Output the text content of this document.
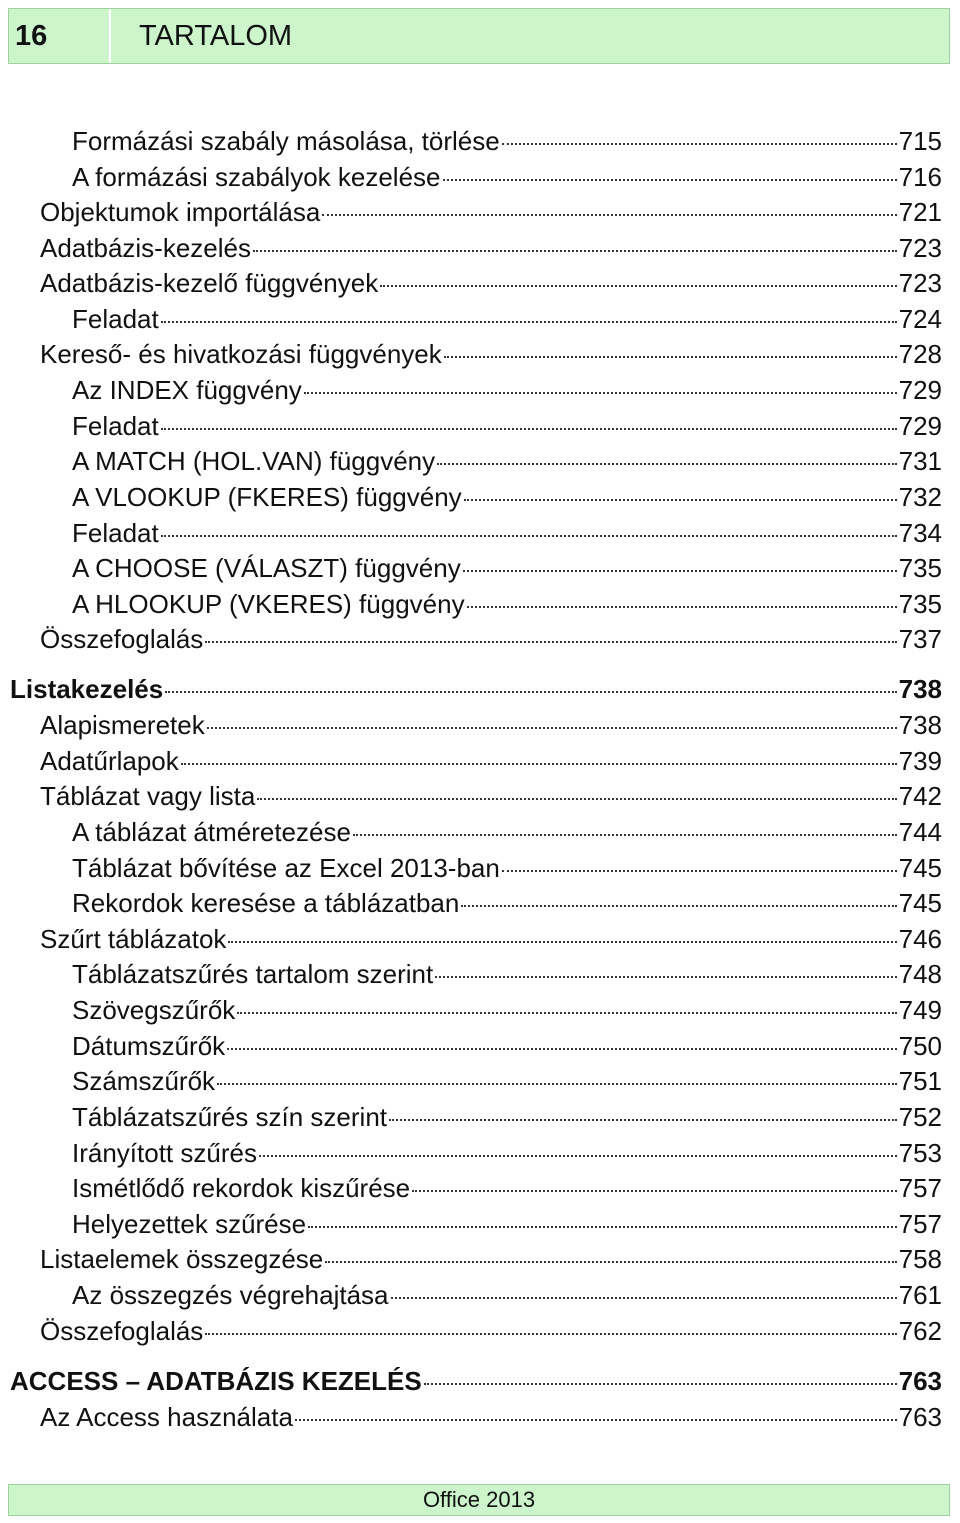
16	TARTALOM
Formázási szabály másolása, törlése	715
A formázási szabályok kezelése	716
Objektumok importálása	721
Adatbázis-kezelés	723
Adatbázis-kezelő függvények	723
Feladat	724
Kereső- és hivatkozási függvények	728
Az INDEX függvény	729
Feladat	729
A MATCH (HOL.VAN) függvény	731
A VLOOKUP (FKERES) függvény	732
Feladat	734
A CHOOSE (VÁLASZT) függvény	735
A HLOOKUP (VKERES) függvény	735
Összefoglalás	737
Listakezelés	738
Alapismeretek	738
Adatűrlapok	739
Táblázat vagy lista	742
A táblázat átméretezése	744
Táblázat bővítése az Excel 2013-ban	745
Rekordok keresése a táblázatban	745
Szűrt táblázatok	746
Táblázatszűrés tartalom szerint	748
Szövegszűrők	749
Dátumszűrők	750
Számszűrők	751
Táblázatszűrés szín szerint	752
Irányított szűrés	753
Ismétlődő rekordok kiszűrése	757
Helyezettek szűrése	757
Listaelemek összegzése	758
Az összegzés végrehajtása	761
Összefoglalás	762
ACCESS – ADATBÁZIS KEZELÉS	763
Az Access használata	763
Office 2013
